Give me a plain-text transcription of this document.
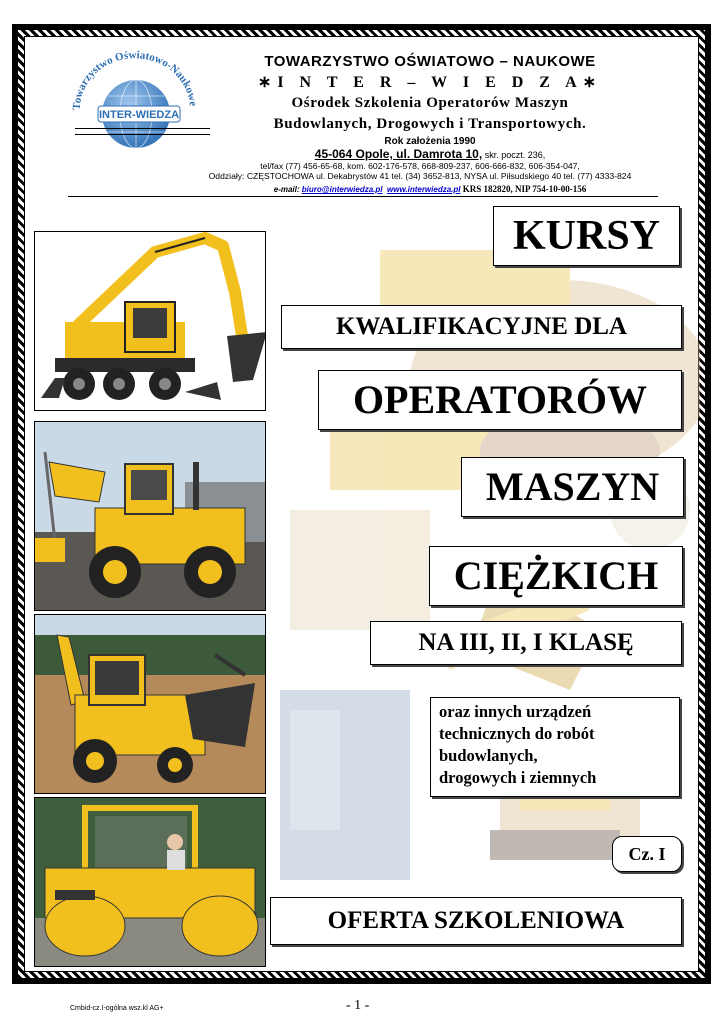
Towarzystwo Oświatowo-Naukowe
INTER-WIEDZA
TOWARZYSTWO OŚWIATOWO – NAUKOWE
∗I N T E R – W I E D Z A∗
Ośrodek Szkolenia Operatorów Maszyn
Budowlanych, Drogowych i Transportowych.
Rok założenia 1990
45-064 Opole, ul. Damrota 10, skr. poczt. 236,
tel/fax (77) 456-65-68, kom. 602-176-578, 668-809-237, 606-666-832, 606-354-047,
Oddziały: CZĘSTOCHOWA ul. Dekabrystów 41 tel. (34) 3652-813, NYSA ul. Piłsudskiego 40 tel. (77) 4333-824
e-mail: biuro@interwiedza.pl www.interwiedza.pl KRS 182820, NIP 754-10-00-156
KURSY
KWALIFIKACYJNE DLA
OPERATORÓW
MASZYN
CIĘŻKICH
NA III, II, I KLASĘ
oraz innych urządzeń
technicznych do robót
budowlanych,
drogowych i ziemnych
Cz. I
OFERTA SZKOLENIOWA
Cmbid-cz.I-ogólna wsz.kl AG+	- 1 -
